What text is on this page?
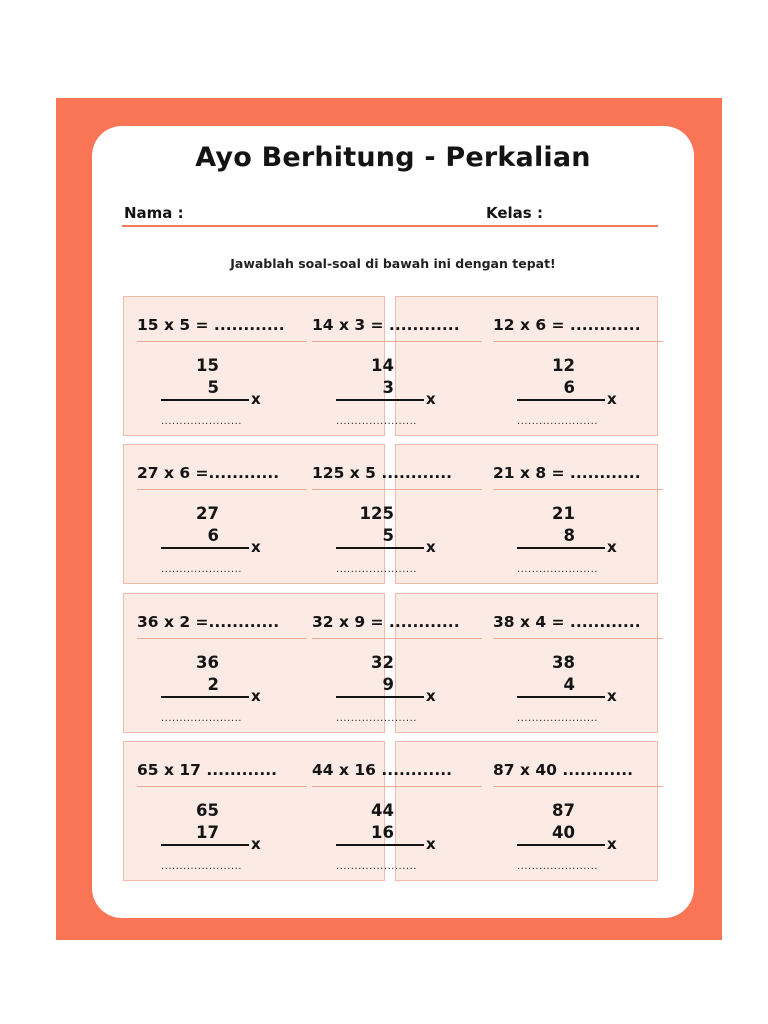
Ayo Berhitung - Perkalian
Nama :	Kelas :
Jawablah soal-soal di bawah ini dengan tepat!
15 x 5 = ............
15
5
x
......................
14 x 3 = ............
14
3
x
......................
12 x 6 = ............
12
6
x
......................
27 x 6 =............
27
6
x
......................
125 x 5 ............
125
5
x
......................
21 x 8 = ............
21
8
x
......................
36 x 2 =............
36
2
x
......................
32 x 9 = ............
32
9
x
......................
38 x 4 = ............
38
4
x
......................
65 x 17 ............
65
17
x
......................
44 x 16 ............
44
16
x
......................
87 x 40 ............
87
40
x
......................
